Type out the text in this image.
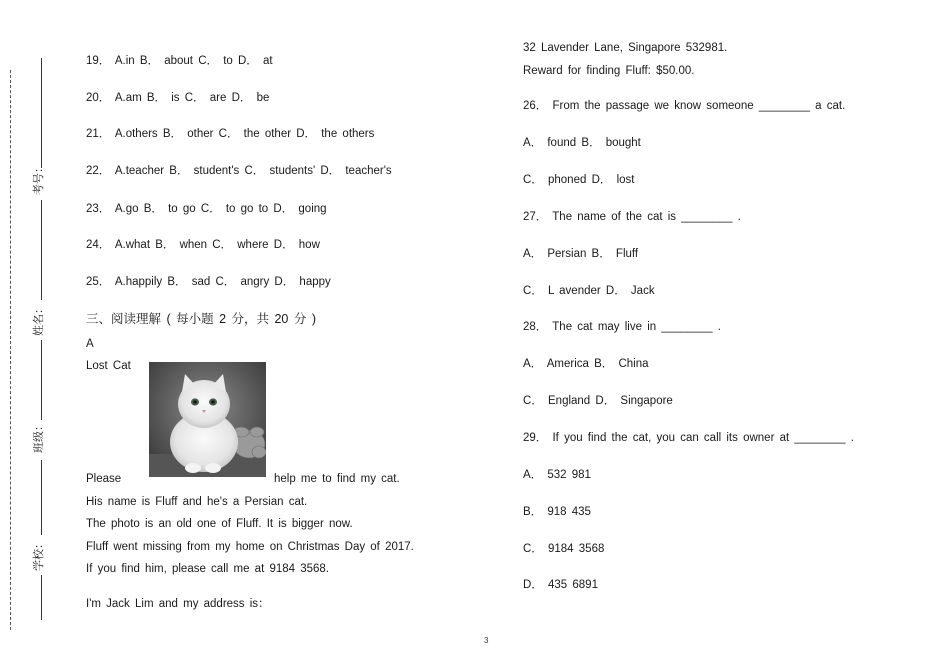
考号：
姓名：
班级：
学校：
19． A.in B． about C． to D． at
20． A.am B． is C． are D． be
21． A.others B． other C． the other D． the others
22． A.teacher B． student's C． students' D． teacher's
23． A.go B． to go C． to go to D． going
24． A.what B． when C． where D． how
25． A.happily B． sad C． angry D． happy
三、阅读理解 ( 每小题 2 分，共 20 分 )
A
Lost Cat
Please	help me to find my cat.
His name is Fluff and he's a Persian cat.
The photo is an old one of Fluff. It is bigger now.
Fluff went missing from my home on Christmas Day of 2017.
If you find him, please call me at 9184 3568.
I'm Jack Lim and my address is：
32 Lavender Lane, Singapore 532981.
Reward for finding Fluff: $50.00.
26． From the passage we know someone ________ a cat.
A． found B． bought
C． phoned D． lost
27． The name of the cat is ________ .
A． Persian B． Fluff
C． L avender D． Jack
28． The cat may live in ________ .
A． America B． China
C． England D． Singapore
29． If you find the cat, you can call its owner at ________ .
A． 532 981
B． 918 435
C． 9184 3568
D． 435 6891
3
